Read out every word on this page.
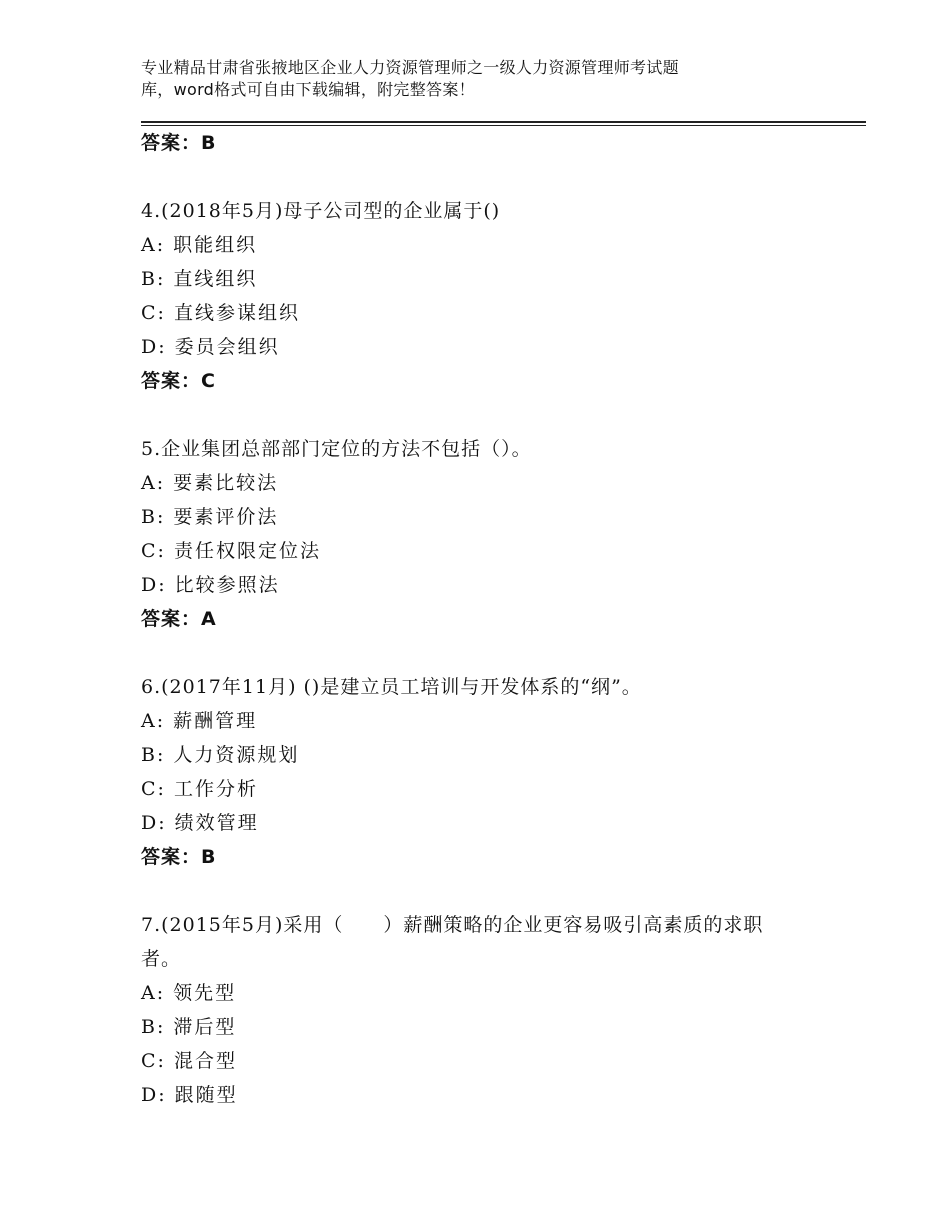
专业精品甘肃省张掖地区企业人力资源管理师之一级人力资源管理师考试题
库，word格式可自由下载编辑，附完整答案！
答案：B
4.(2018年5月)母子公司型的企业属于()
A: 职能组织
B: 直线组织
C: 直线参谋组织
D: 委员会组织
答案：C
5.企业集团总部部门定位的方法不包括（）。
A: 要素比较法
B: 要素评价法
C: 责任权限定位法
D: 比较参照法
答案：A
6.(2017年11月) ()是建立员工培训与开发体系的“纲”。
A: 薪酬管理
B: 人力资源规划
C: 工作分析
D: 绩效管理
答案：B
7.(2015年5月)采用（　　）薪酬策略的企业更容易吸引高素质的求职者。
A: 领先型
B: 滞后型
C: 混合型
D: 跟随型
